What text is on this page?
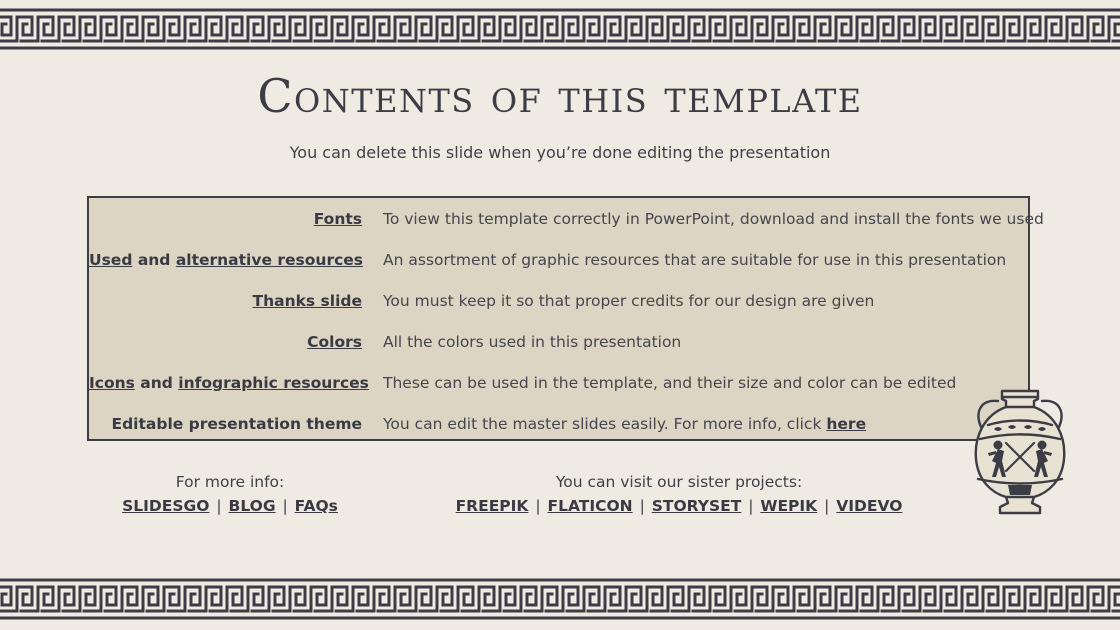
Contents of this template
You can delete this slide when you’re done editing the presentation
Fonts To view this template correctly in PowerPoint, download and install the fonts we used
Used and alternative resources An assortment of graphic resources that are suitable for use in this presentation
Thanks slide You must keep it so that proper credits for our design are given
Colors All the colors used in this presentation
Icons and infographic resources These can be used in the template, and their size and color can be edited
Editable presentation theme You can edit the master slides easily. For more info, click here
For more info:
SLIDESGO | BLOG | FAQs
You can visit our sister projects:
FREEPIK | FLATICON | STORYSET | WEPIK | VIDEVO
